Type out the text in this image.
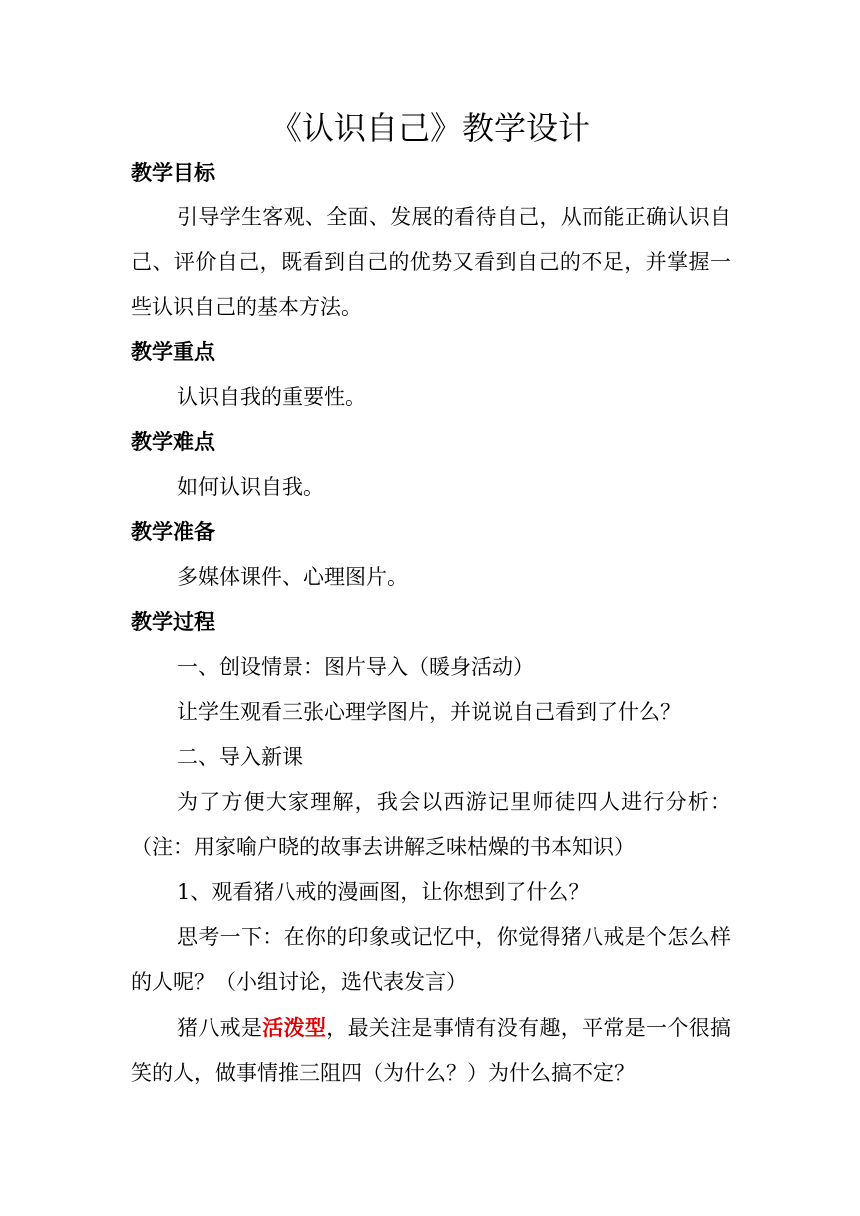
《认识自己》教学设计
教学目标

引导学生客观、全面、发展的看待自己，从而能正确认识自己、评价自己，既看到自己的优势又看到自己的不足，并掌握一些认识自己的基本方法。

教学重点

认识自我的重要性。

教学难点

如何认识自我。

教学准备

多媒体课件、心理图片。

教学过程

一、创设情景：图片导入（暖身活动）

让学生观看三张心理学图片，并说说自己看到了什么？

二、导入新课

为了方便大家理解，我会以西游记里师徒四人进行分析：（注：用家喻户晓的故事去讲解乏味枯燥的书本知识）

1、观看猪八戒的漫画图，让你想到了什么？

思考一下：在你的印象或记忆中，你觉得猪八戒是个怎么样的人呢？（小组讨论，选代表发言）

猪八戒是活泼型，最关注是事情有没有趣，平常是一个很搞笑的人，做事情推三阻四（为什么？）为什么搞不定？
